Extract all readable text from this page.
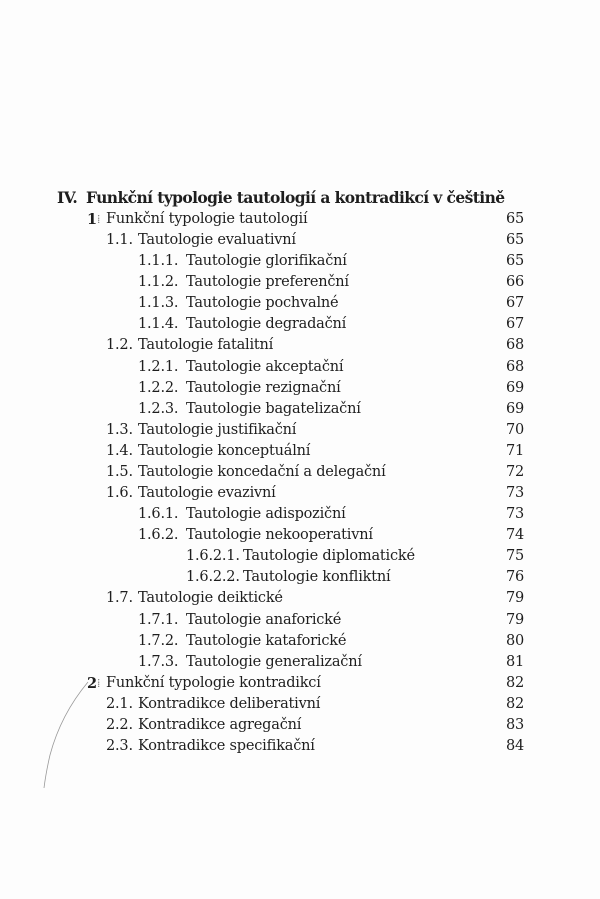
IV. Funkční typologie tautologií a kontradikcí v češtině
1 ⁞ Funkční typologie tautologií	65
1.1. Tautologie evaluativní	65
1.1.1. Tautologie glorifikační	65
1.1.2. Tautologie preferenční	66
1.1.3. Tautologie pochvalné	67
1.1.4. Tautologie degradační	67
1.2. Tautologie fatalitní	68
1.2.1. Tautologie akceptační	68
1.2.2. Tautologie rezignační	69
1.2.3. Tautologie bagatelizační	69
1.3. Tautologie justifikační	70
1.4. Tautologie konceptuální	71
1.5. Tautologie koncedační a delegační	72
1.6. Tautologie evazivní	73
1.6.1. Tautologie adispoziční	73
1.6.2. Tautologie nekooperativní	74
1.6.2.1. Tautologie diplomatické	75
1.6.2.2. Tautologie konfliktní	76
1.7. Tautologie deiktické	79
1.7.1. Tautologie anaforické	79
1.7.2. Tautologie kataforické	80
1.7.3. Tautologie generalizační	81
2 ⁞ Funkční typologie kontradikcí	82
2.1. Kontradikce deliberativní	82
2.2. Kontradikce agregační	83
2.3. Kontradikce specifikační	84
